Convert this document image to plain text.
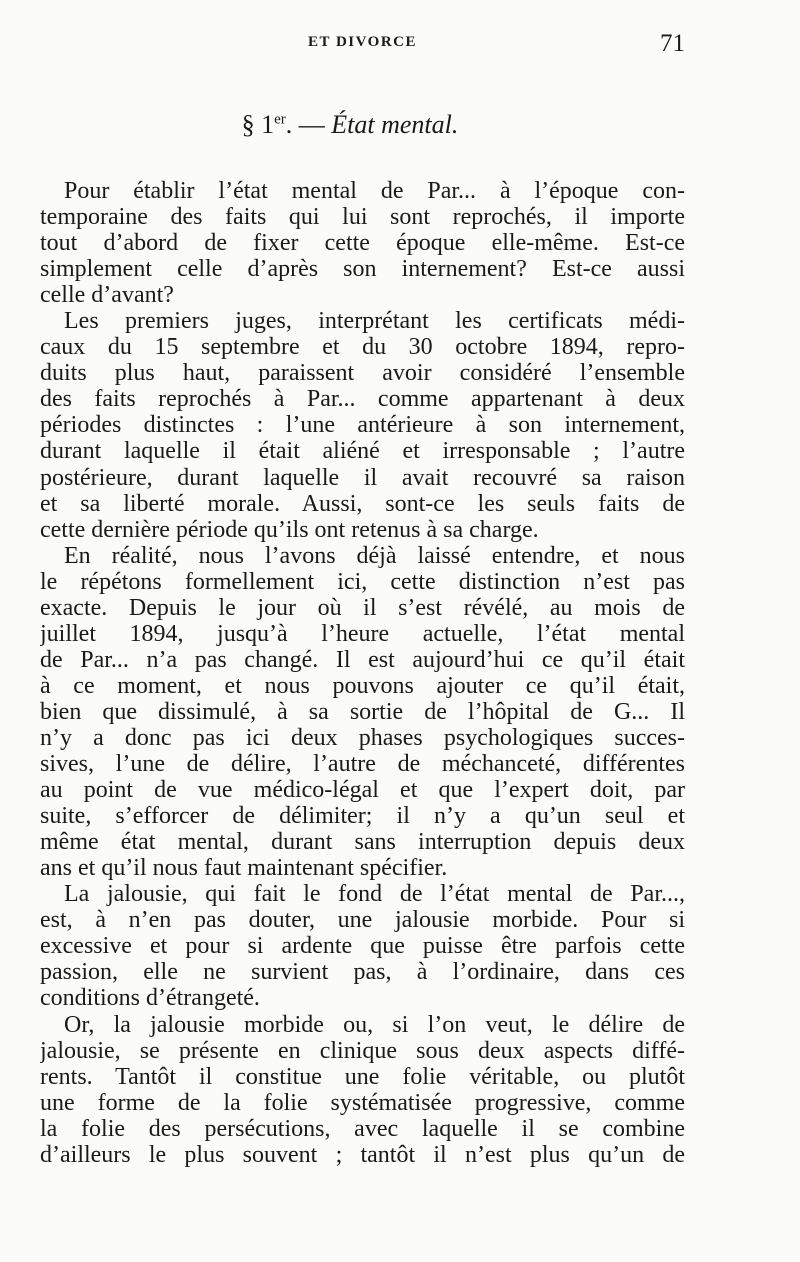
ET DIVORCE	71
§ 1er. — État mental.
Pour établir l’état mental de Par... à l’époque con-
temporaine des faits qui lui sont reprochés, il importe
tout d’abord de fixer cette époque elle-même. Est-ce
simplement celle d’après son internement? Est-ce aussi
celle d’avant?
Les premiers juges, interprétant les certificats médi-
caux du 15 septembre et du 30 octobre 1894, repro-
duits plus haut, paraissent avoir considéré l’ensemble
des faits reprochés à Par... comme appartenant à deux
périodes distinctes : l’une antérieure à son internement,
durant laquelle il était aliéné et irresponsable ; l’autre
postérieure, durant laquelle il avait recouvré sa raison
et sa liberté morale. Aussi, sont-ce les seuls faits de
cette dernière période qu’ils ont retenus à sa charge.
En réalité, nous l’avons déjà laissé entendre, et nous
le répétons formellement ici, cette distinction n’est pas
exacte. Depuis le jour où il s’est révélé, au mois de
juillet 1894, jusqu’à l’heure actuelle, l’état mental
de Par... n’a pas changé. Il est aujourd’hui ce qu’il était
à ce moment, et nous pouvons ajouter ce qu’il était,
bien que dissimulé, à sa sortie de l’hôpital de G... Il
n’y a donc pas ici deux phases psychologiques succes-
sives, l’une de délire, l’autre de méchanceté, différentes
au point de vue médico-légal et que l’expert doit, par
suite, s’efforcer de délimiter; il n’y a qu’un seul et
même état mental, durant sans interruption depuis deux
ans et qu’il nous faut maintenant spécifier.
La jalousie, qui fait le fond de l’état mental de Par...,
est, à n’en pas douter, une jalousie morbide. Pour si
excessive et pour si ardente que puisse être parfois cette
passion, elle ne survient pas, à l’ordinaire, dans ces
conditions d’étrangeté.
Or, la jalousie morbide ou, si l’on veut, le délire de
jalousie, se présente en clinique sous deux aspects diffé-
rents. Tantôt il constitue une folie véritable, ou plutôt
une forme de la folie systématisée progressive, comme
la folie des persécutions, avec laquelle il se combine
d’ailleurs le plus souvent ; tantôt il n’est plus qu’un de
